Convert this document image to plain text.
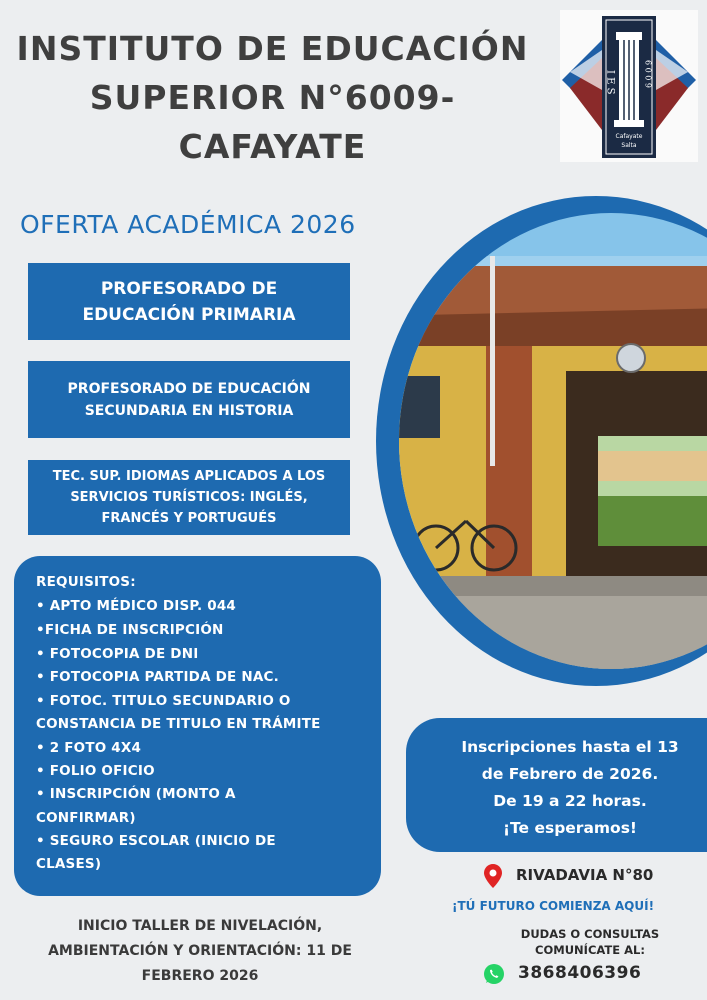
INSTITUTO DE EDUCACIÓN
SUPERIOR N°6009-
CAFAYATE
I E S	6 0 0 9
Cafayate
Salta
OFERTA ACADÉMICA 2026
PROFESORADO DE
EDUCACIÓN PRIMARIA
PROFESORADO DE EDUCACIÓN
SECUNDARIA EN HISTORIA
TEC. SUP. IDIOMAS APLICADOS A LOS
SERVICIOS TURÍSTICOS: INGLÉS,
FRANCÉS Y PORTUGUÉS
REQUISITOS:
• APTO MÉDICO DISP. 044
•FICHA DE INSCRIPCIÓN
• FOTOCOPIA DE DNI
• FOTOCOPIA PARTIDA DE NAC.
• FOTOC. TITULO SECUNDARIO O
CONSTANCIA DE TITULO EN TRÁMITE
• 2 FOTO 4X4
• FOLIO OFICIO
• INSCRIPCIÓN (MONTO A
CONFIRMAR)
• SEGURO ESCOLAR (INICIO DE
CLASES)
Inscripciones hasta el 13
de Febrero de 2026.
De 19 a 22 horas.
¡Te esperamos!
INICIO TALLER DE NIVELACIÓN,
AMBIENTACIÓN Y ORIENTACIÓN: 11 DE
FEBRERO 2026
RIVADAVIA N°80
¡TÚ FUTURO COMIENZA AQUÍ!
DUDAS O CONSULTAS
COMUNÍCATE AL:
3868406396
